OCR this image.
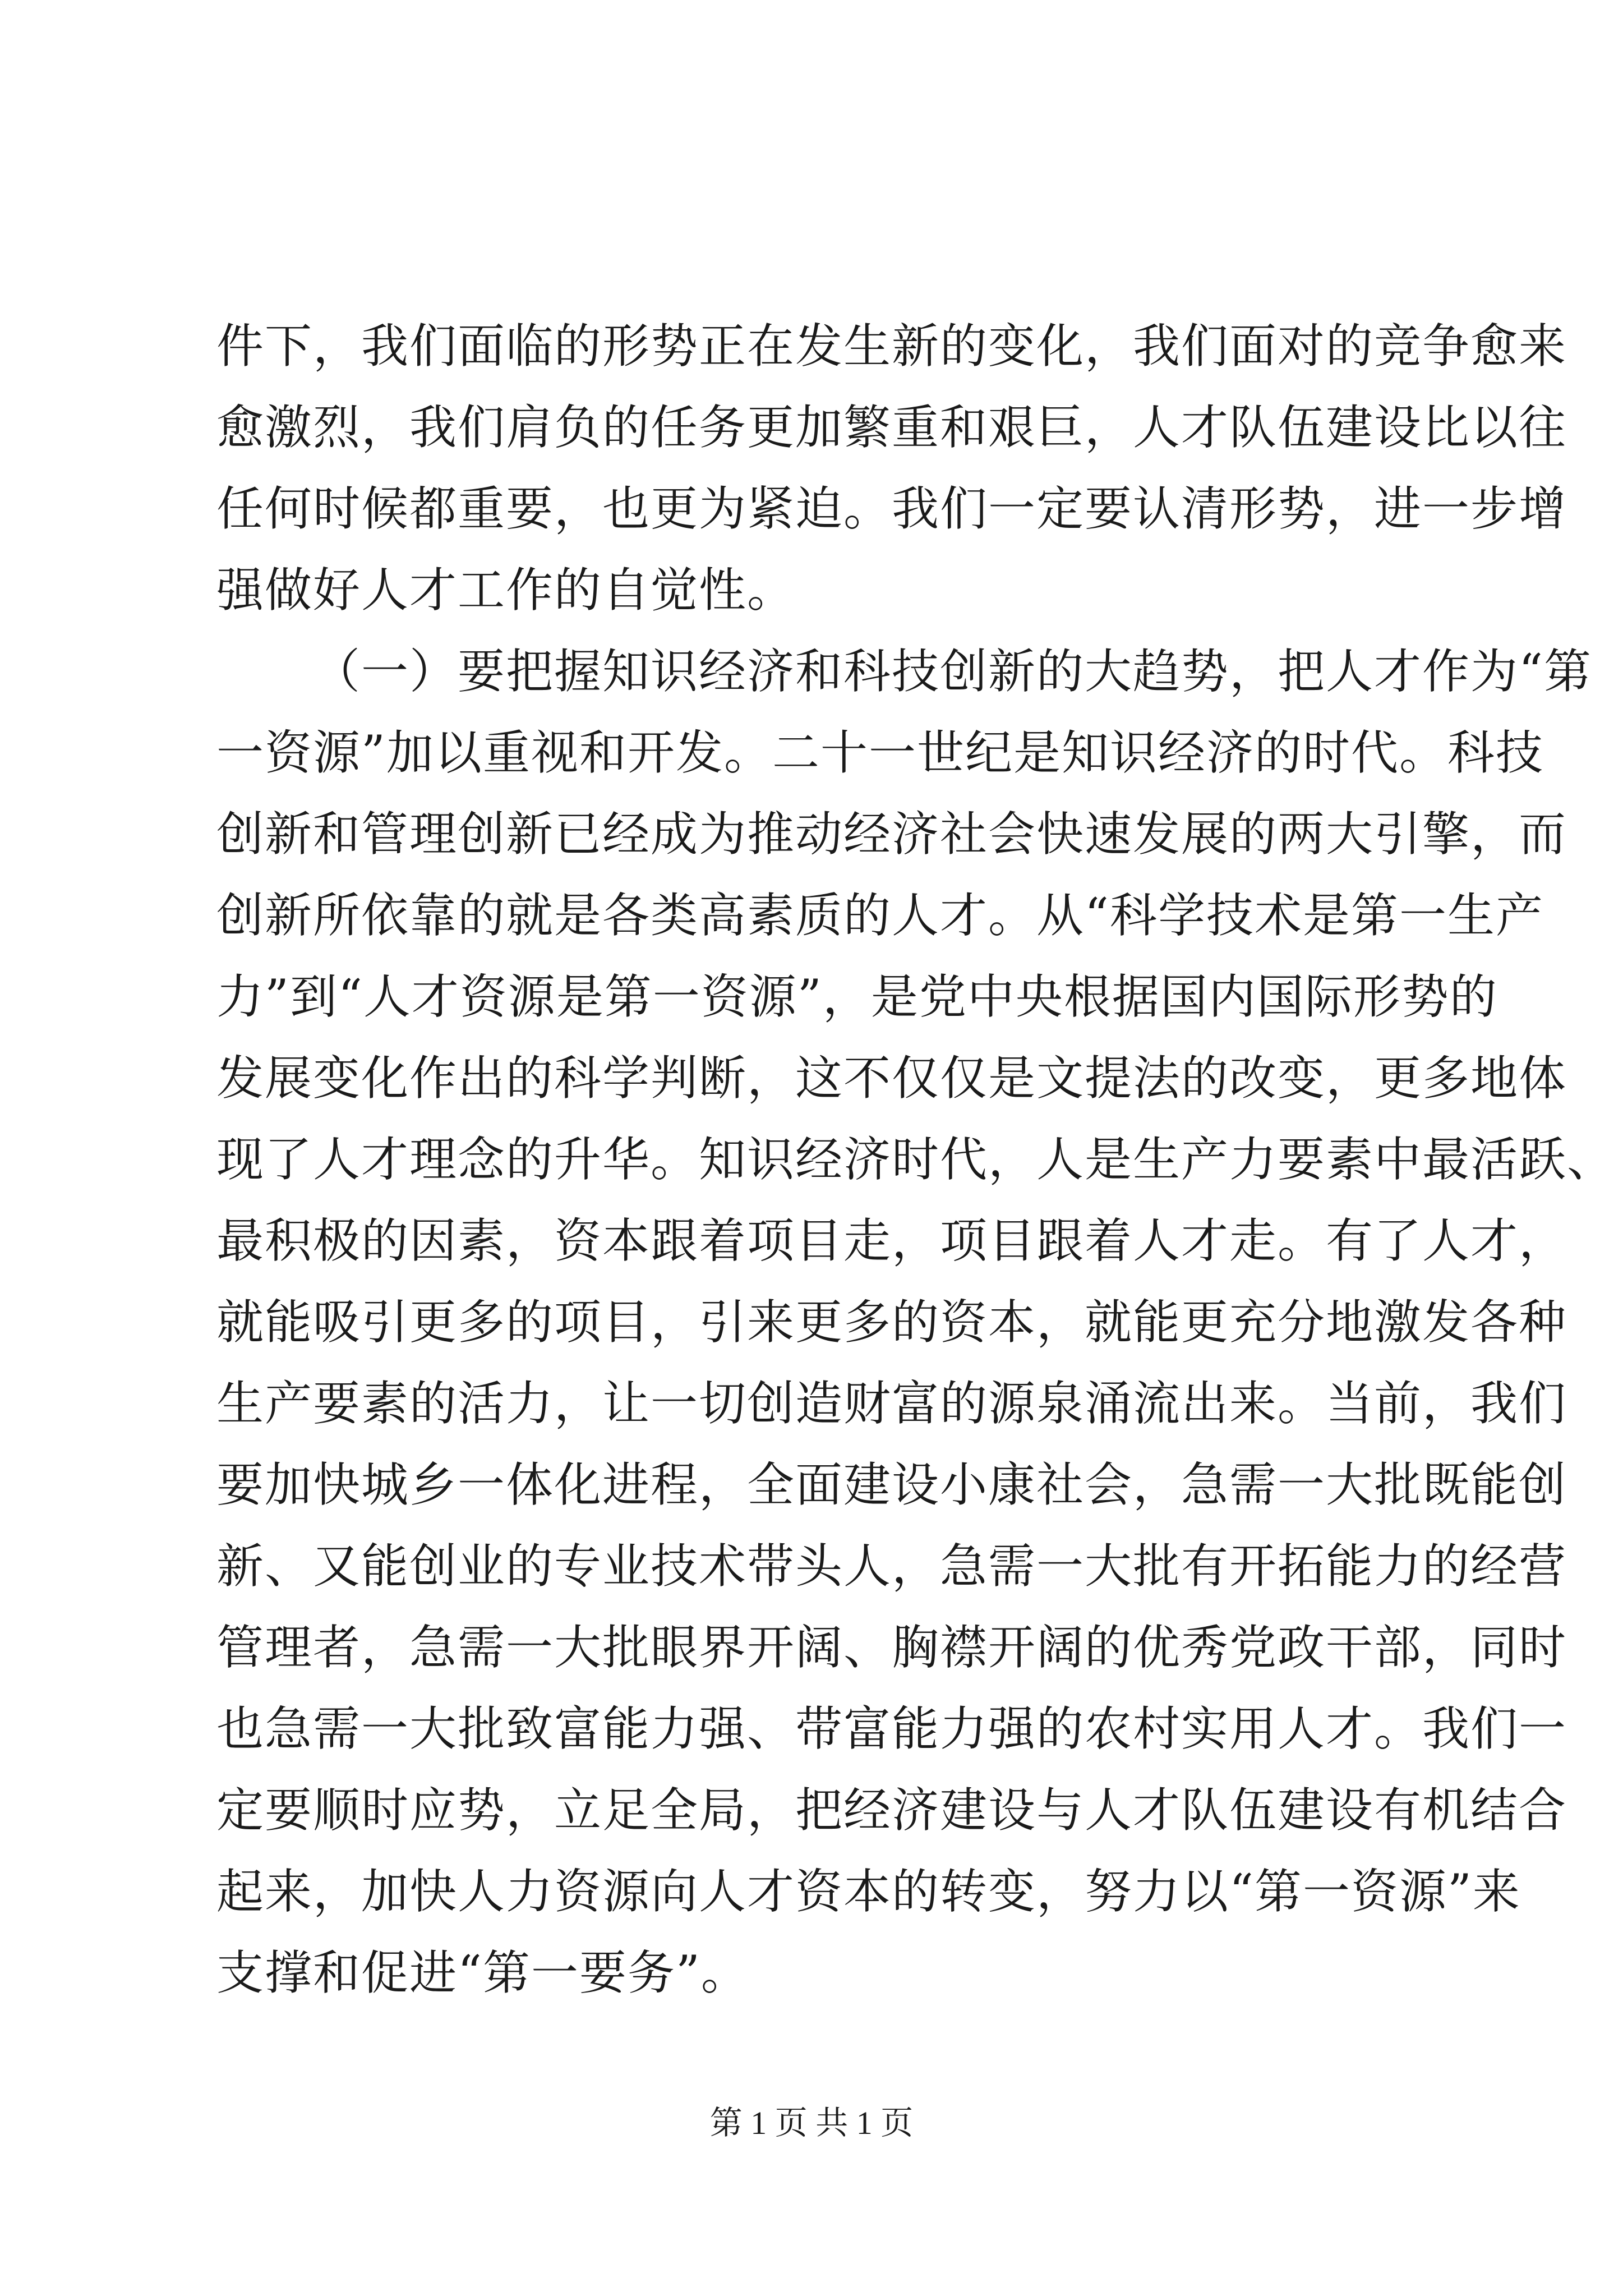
件下，我们面临的形势正在发生新的变化，我们面对的竞争愈来
愈激烈，我们肩负的任务更加繁重和艰巨，人才队伍建设比以往
任何时候都重要，也更为紧迫。我们一定要认清形势，进一步增
强做好人才工作的自觉性。
（一）要把握知识经济和科技创新的大趋势，把人才作为“第
一资源”加以重视和开发。二十一世纪是知识经济的时代。科技
创新和管理创新已经成为推动经济社会快速发展的两大引擎，而
创新所依靠的就是各类高素质的人才。从“科学技术是第一生产
力”到“人才资源是第一资源”，是党中央根据国内国际形势的
发展变化作出的科学判断，这不仅仅是文提法的改变，更多地体
现了人才理念的升华。知识经济时代，人是生产力要素中最活跃、
最积极的因素，资本跟着项目走，项目跟着人才走。有了人才，
就能吸引更多的项目，引来更多的资本，就能更充分地激发各种
生产要素的活力，让一切创造财富的源泉涌流出来。当前，我们
要加快城乡一体化进程，全面建设小康社会，急需一大批既能创
新、又能创业的专业技术带头人，急需一大批有开拓能力的经营
管理者，急需一大批眼界开阔、胸襟开阔的优秀党政干部，同时
也急需一大批致富能力强、带富能力强的农村实用人才。我们一
定要顺时应势，立足全局，把经济建设与人才队伍建设有机结合
起来，加快人力资源向人才资本的转变，努力以“第一资源”来
支撑和促进“第一要务”。
第 1 页 共 1 页
